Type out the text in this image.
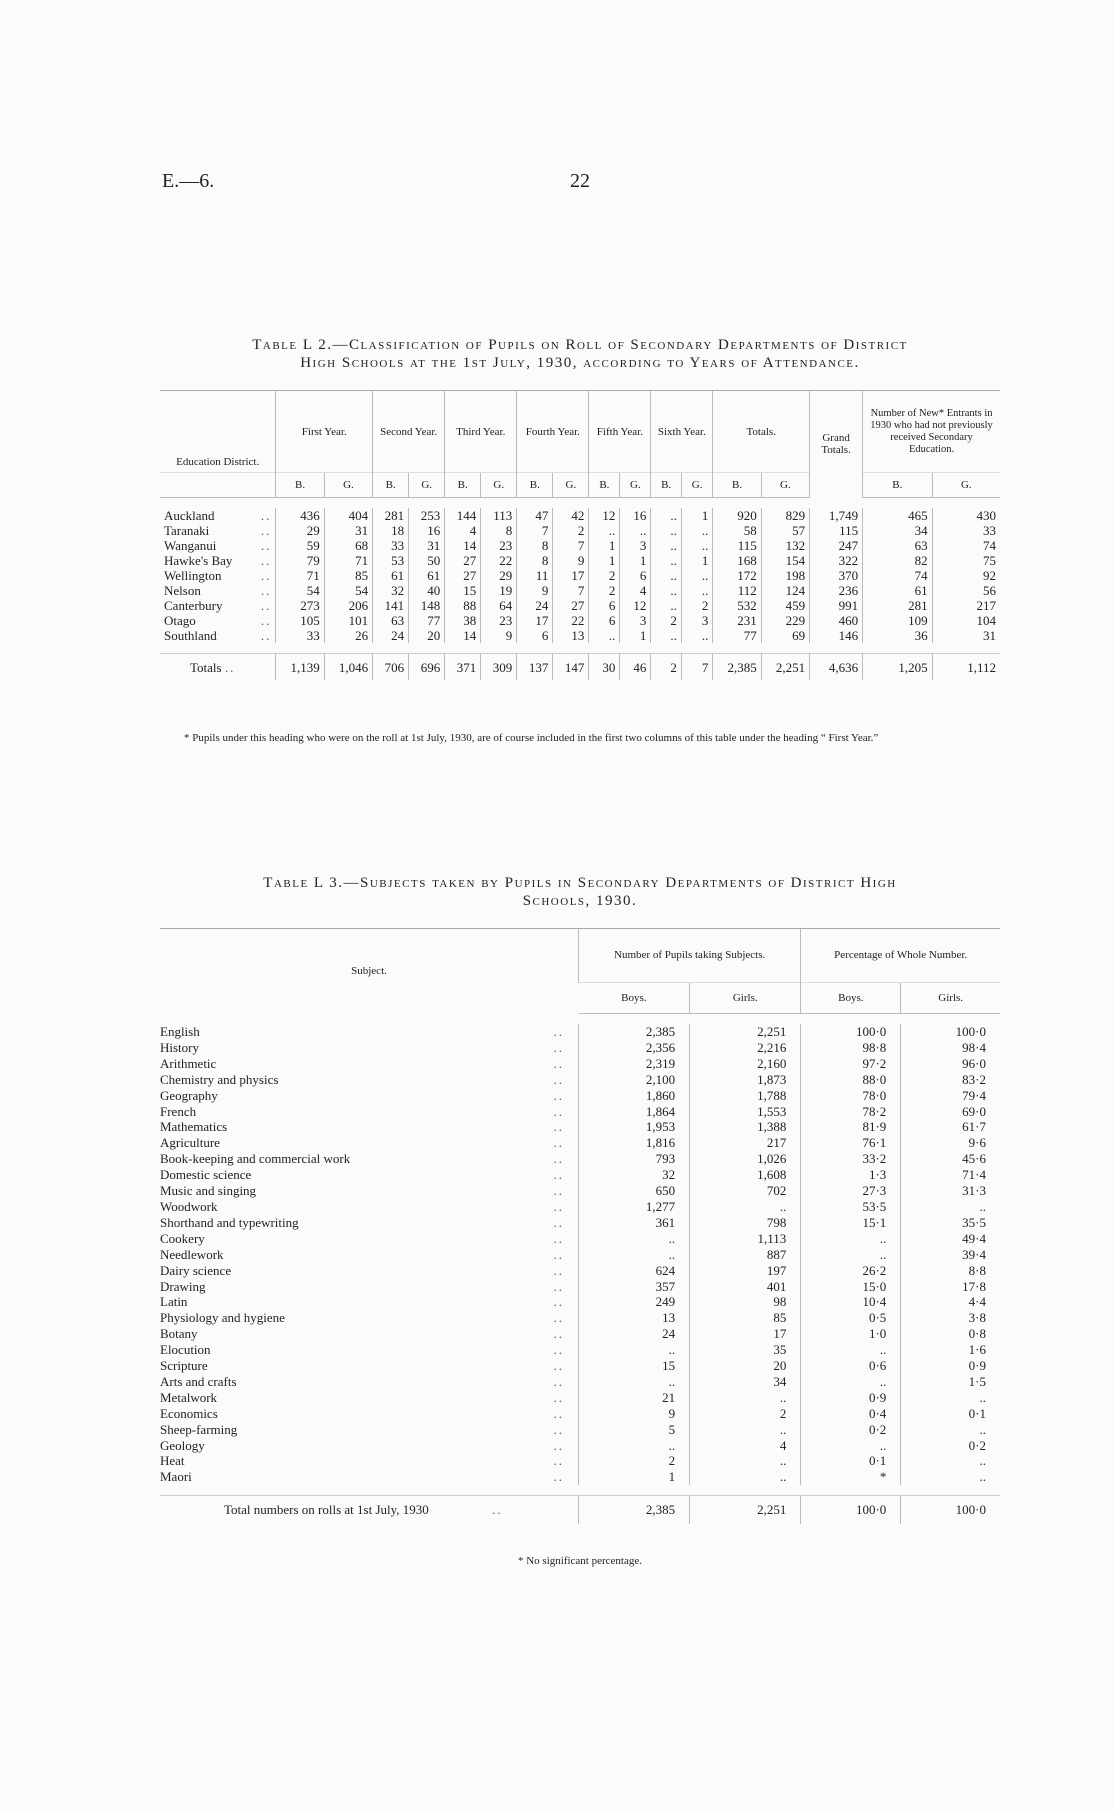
E.—6.	22
Table L 2.—Classification of Pupils on Roll of Secondary Departments of District
High Schools at the 1st July, 1930, according to Years of Attendance.
Education District.	First Year.		Second Year.		Third Year.		Fourth Year.		Fifth Year.		Sixth Year.		Totals.		Grand Totals.	Number of New* Entrants in 1930 who had not previously received Secondary Education.	
	B.	G.	B.	G.	B.	G.	B.	G.	B.	G.	B.	G.	B.	G.		B.	G.

Auckland ..	436	404	281	253	144	113	47	42	12	16	..	1	920	829	1,749	465	430
Taranaki ..	29	31	18	16	4	8	7	2	..	..	..	..	58	57	115	34	33
Wanganui ..	59	68	33	31	14	23	8	7	1	3	..	..	115	132	247	63	74
Hawke's Bay ..	79	71	53	50	27	22	8	9	1	1	..	1	168	154	322	82	75
Wellington ..	71	85	61	61	27	29	11	17	2	6	..	..	172	198	370	74	92
Nelson ..	54	54	32	40	15	19	9	7	2	4	..	..	112	124	236	61	56
Canterbury ..	273	206	141	148	88	64	24	27	6	12	..	2	532	459	991	281	217
Otago ..	105	101	63	77	38	23	17	22	6	3	2	3	231	229	460	109	104
Southland ..	33	26	24	20	14	9	6	13	..	1	..	..	77	69	146	36	31

Totals ..	1,139	1,046	706	696	371	309	137	147	30	46	2	7	2,385	2,251	4,636	1,205	1,112
* Pupils under this heading who were on the roll at 1st July, 1930, are of course included in the first two columns of this table under the heading “ First Year.”
Table L 3.—Subjects taken by Pupils in Secondary Departments of District High
Schools, 1930.
Subject.	Number of Pupils taking Subjects.		Percentage of Whole Number.	
	Boys.	Girls.	Boys.	Girls.

English ..	2,385	2,251	100·0	100·0
History ..	2,356	2,216	98·8	98·4
Arithmetic ..	2,319	2,160	97·2	96·0
Chemistry and physics ..	2,100	1,873	88·0	83·2
Geography ..	1,860	1,788	78·0	79·4
French ..	1,864	1,553	78·2	69·0
Mathematics ..	1,953	1,388	81·9	61·7
Agriculture ..	1,816	217	76·1	9·6
Book-keeping and commercial work ..	793	1,026	33·2	45·6
Domestic science ..	32	1,608	1·3	71·4
Music and singing ..	650	702	27·3	31·3
Woodwork ..	1,277	..	53·5	..
Shorthand and typewriting ..	361	798	15·1	35·5
Cookery ..	..	1,113	..	49·4
Needlework ..	..	887	..	39·4
Dairy science ..	624	197	26·2	8·8
Drawing ..	357	401	15·0	17·8
Latin ..	249	98	10·4	4·4
Physiology and hygiene ..	13	85	0·5	3·8
Botany ..	24	17	1·0	0·8
Elocution ..	..	35	..	1·6
Scripture ..	15	20	0·6	0·9
Arts and crafts ..	..	34	..	1·5
Metalwork ..	21	..	0·9	..
Economics ..	9	2	0·4	0·1
Sheep-farming ..	5	..	0·2	..
Geology ..	..	4	..	0·2
Heat ..	2	..	0·1	..
Maori ..	1	..	*	..

Total numbers on rolls at 1st July, 1930 ..	2,385	2,251	100·0	100·0
* No significant percentage.
